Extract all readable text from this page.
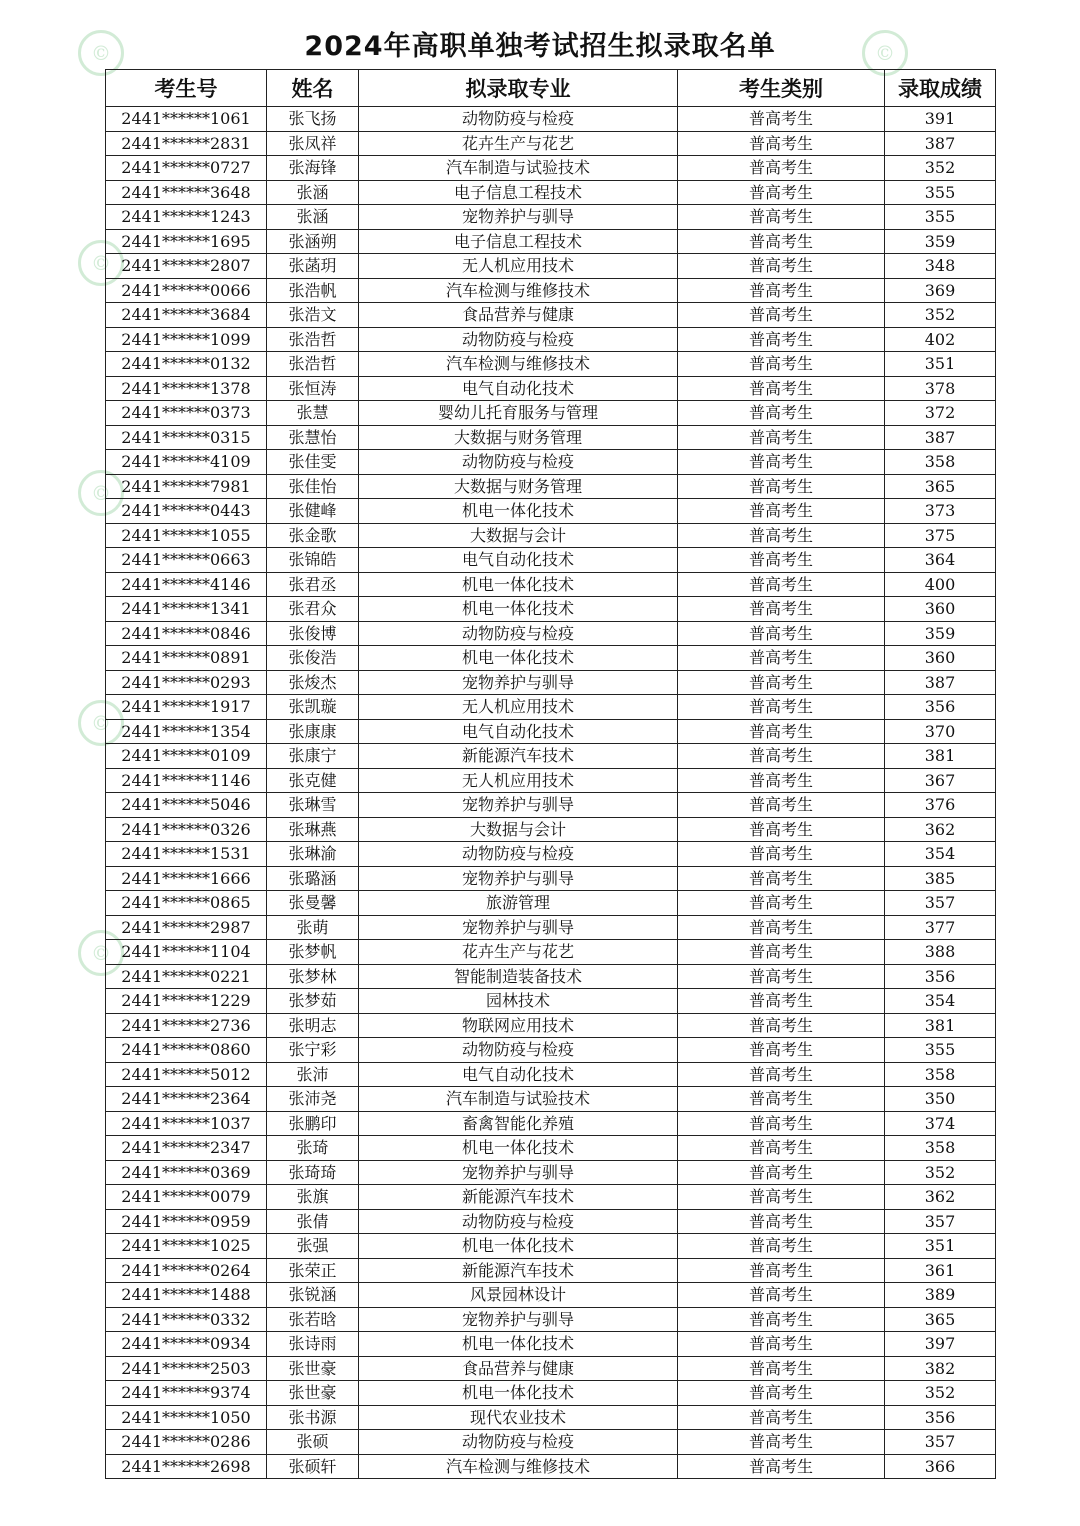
©	©
©
©
©
©
2024年高职单独考试招生拟录取名单
考生号	姓名	拟录取专业	考生类别	录取成绩
2441******1061	张飞扬	动物防疫与检疫	普高考生	391
2441******2831	张凤祥	花卉生产与花艺	普高考生	387
2441******0727	张海锋	汽车制造与试验技术	普高考生	352
2441******3648	张涵	电子信息工程技术	普高考生	355
2441******1243	张涵	宠物养护与驯导	普高考生	355
2441******1695	张涵朔	电子信息工程技术	普高考生	359
2441******2807	张菡玥	无人机应用技术	普高考生	348
2441******0066	张浩帆	汽车检测与维修技术	普高考生	369
2441******3684	张浩文	食品营养与健康	普高考生	352
2441******1099	张浩哲	动物防疫与检疫	普高考生	402
2441******0132	张浩哲	汽车检测与维修技术	普高考生	351
2441******1378	张恒涛	电气自动化技术	普高考生	378
2441******0373	张慧	婴幼儿托育服务与管理	普高考生	372
2441******0315	张慧怡	大数据与财务管理	普高考生	387
2441******4109	张佳雯	动物防疫与检疫	普高考生	358
2441******7981	张佳怡	大数据与财务管理	普高考生	365
2441******0443	张健峰	机电一体化技术	普高考生	373
2441******1055	张金歌	大数据与会计	普高考生	375
2441******0663	张锦皓	电气自动化技术	普高考生	364
2441******4146	张君丞	机电一体化技术	普高考生	400
2441******1341	张君众	机电一体化技术	普高考生	360
2441******0846	张俊博	动物防疫与检疫	普高考生	359
2441******0891	张俊浩	机电一体化技术	普高考生	360
2441******0293	张焌杰	宠物养护与驯导	普高考生	387
2441******1917	张凯璇	无人机应用技术	普高考生	356
2441******1354	张康康	电气自动化技术	普高考生	370
2441******0109	张康宁	新能源汽车技术	普高考生	381
2441******1146	张克健	无人机应用技术	普高考生	367
2441******5046	张琳雪	宠物养护与驯导	普高考生	376
2441******0326	张琳燕	大数据与会计	普高考生	362
2441******1531	张琳渝	动物防疫与检疫	普高考生	354
2441******1666	张璐涵	宠物养护与驯导	普高考生	385
2441******0865	张曼馨	旅游管理	普高考生	357
2441******2987	张萌	宠物养护与驯导	普高考生	377
2441******1104	张梦帆	花卉生产与花艺	普高考生	388
2441******0221	张梦林	智能制造装备技术	普高考生	356
2441******1229	张梦茹	园林技术	普高考生	354
2441******2736	张明志	物联网应用技术	普高考生	381
2441******0860	张宁彩	动物防疫与检疫	普高考生	355
2441******5012	张沛	电气自动化技术	普高考生	358
2441******2364	张沛尧	汽车制造与试验技术	普高考生	350
2441******1037	张鹏印	畜禽智能化养殖	普高考生	374
2441******2347	张琦	机电一体化技术	普高考生	358
2441******0369	张琦琦	宠物养护与驯导	普高考生	352
2441******0079	张旗	新能源汽车技术	普高考生	362
2441******0959	张倩	动物防疫与检疫	普高考生	357
2441******1025	张强	机电一体化技术	普高考生	351
2441******0264	张荣正	新能源汽车技术	普高考生	361
2441******1488	张锐涵	风景园林设计	普高考生	389
2441******0332	张若晗	宠物养护与驯导	普高考生	365
2441******0934	张诗雨	机电一体化技术	普高考生	397
2441******2503	张世豪	食品营养与健康	普高考生	382
2441******9374	张世豪	机电一体化技术	普高考生	352
2441******1050	张书源	现代农业技术	普高考生	356
2441******0286	张硕	动物防疫与检疫	普高考生	357
2441******2698	张硕轩	汽车检测与维修技术	普高考生	366
